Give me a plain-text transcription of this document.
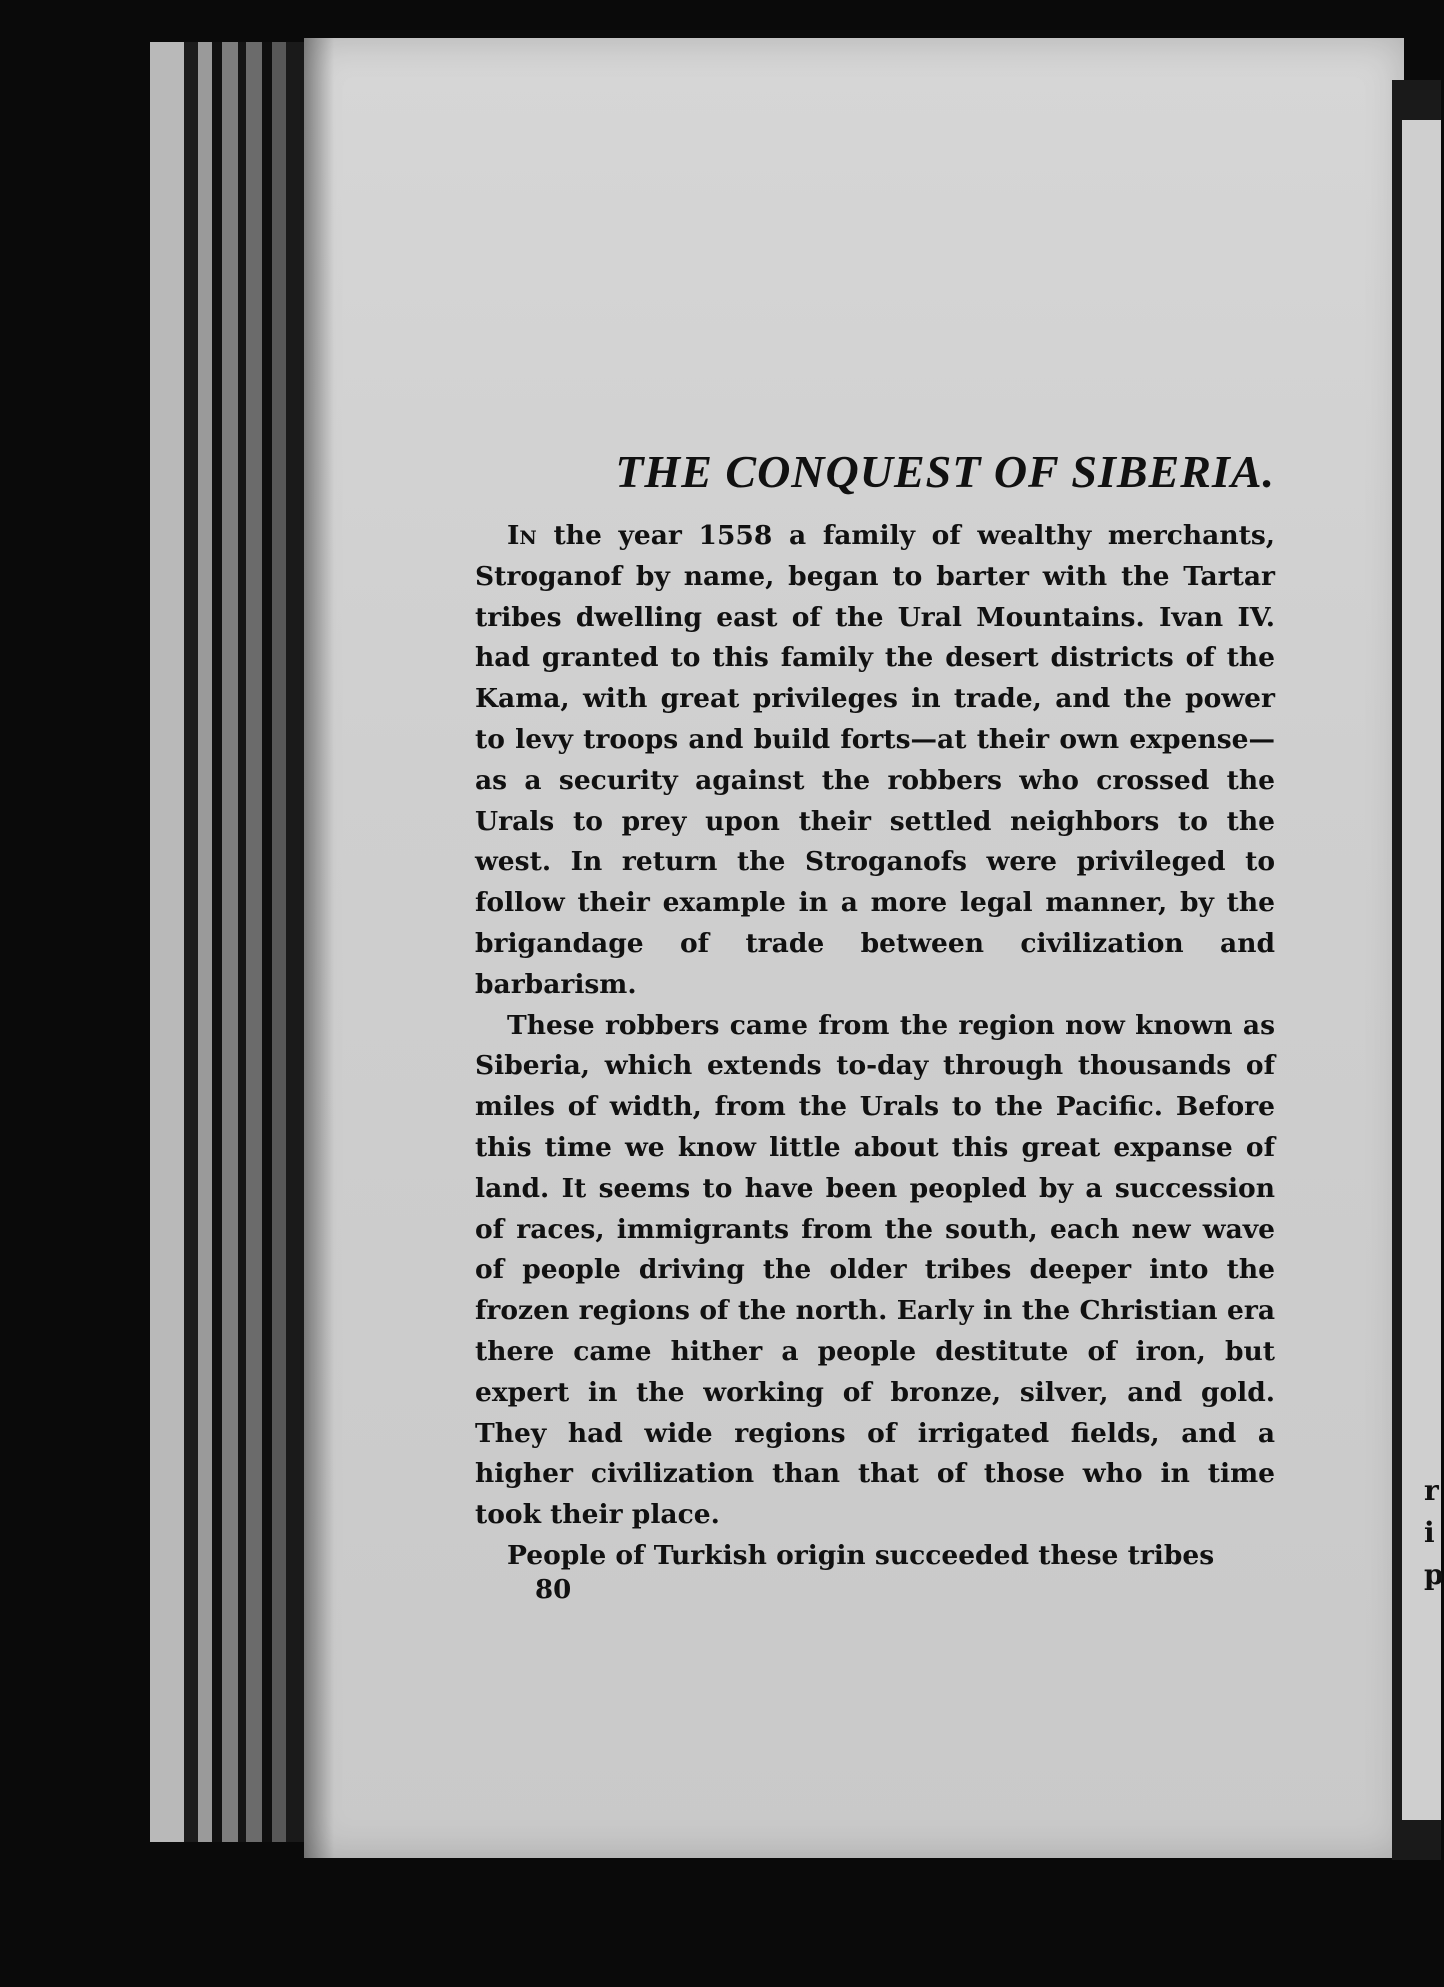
r
i
p
THE CONQUEST OF SIBERIA.

In the year 1558 a family of wealthy merchants, Stroganof by name, began to barter with the Tartar tribes dwelling east of the Ural Mountains. Ivan IV. had granted to this family the desert districts of the Kama, with great privileges in trade, and the power to levy troops and build forts—at their own expense—as a security against the robbers who crossed the Urals to prey upon their settled neighbors to the west. In return the Stroganofs were privileged to follow their example in a more legal manner, by the brigandage of trade between civilization and barbarism.

These robbers came from the region now known as Siberia, which extends to-day through thousands of miles of width, from the Urals to the Pacific. Before this time we know little about this great expanse of land. It seems to have been peopled by a succession of races, immigrants from the south, each new wave of people driving the older tribes deeper into the frozen regions of the north. Early in the Christian era there came hither a people destitute of iron, but expert in the working of bronze, silver, and gold. They had wide regions of irrigated fields, and a higher civilization than that of those who in time took their place.

People of Turkish origin succeeded these tribes

80
